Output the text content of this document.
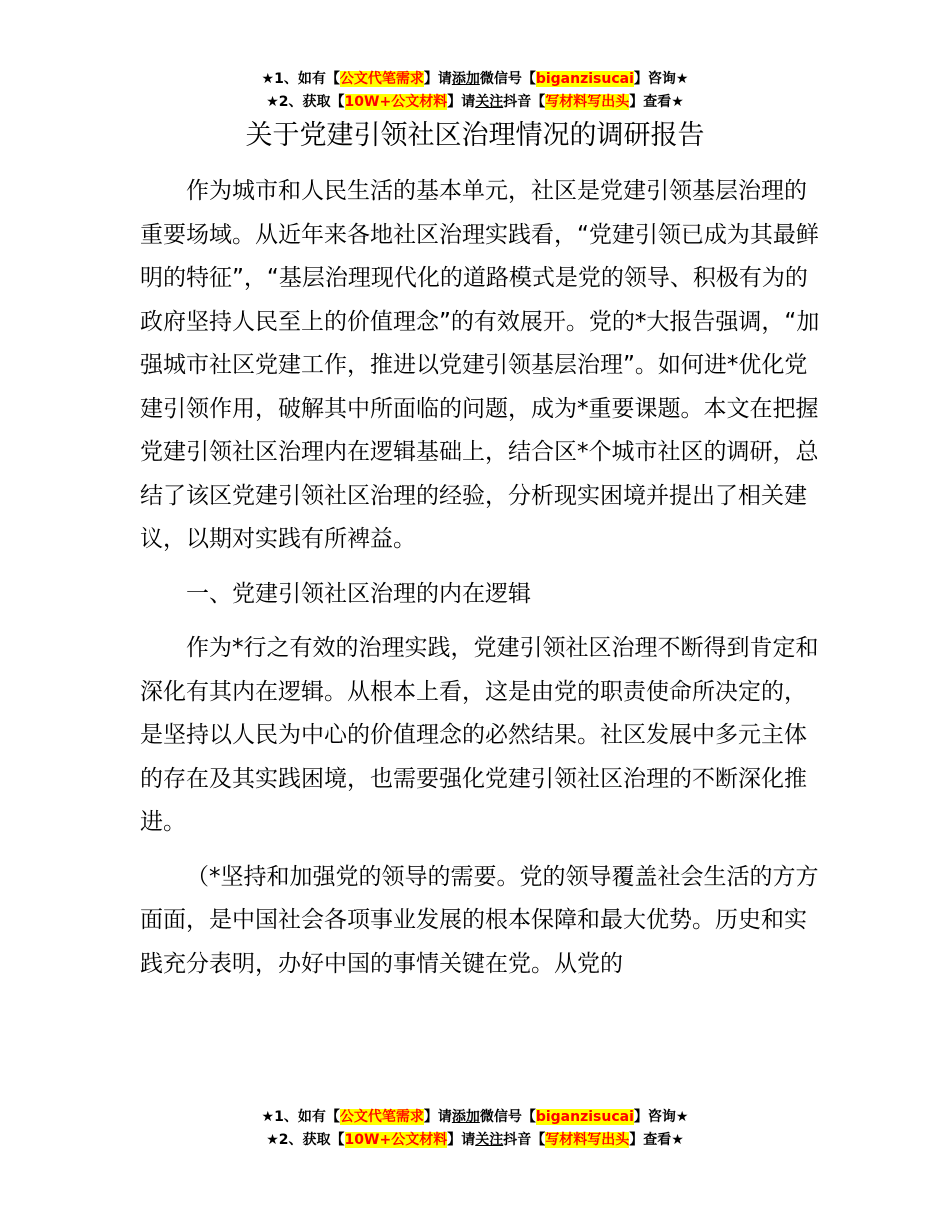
★1、如有【公文代笔需求】请添加微信号【biganzisucai】咨询★
★2、获取【10W+公文材料】请关注抖音【写材料写出头】查看★
关于党建引领社区治理情况的调研报告

作为城市和人民生活的基本单元，社区是党建引领基层治理的重要场域。从近年来各地社区治理实践看，“党建引领已成为其最鲜明的特征”，“基层治理现代化的道路模式是党的领导、积极有为的政府坚持人民至上的价值理念”的有效展开。党的*大报告强调，“加强城市社区党建工作，推进以党建引领基层治理”。如何进*优化党建引领作用，破解其中所面临的问题，成为*重要课题。本文在把握党建引领社区治理内在逻辑基础上，结合区*个城市社区的调研，总结了该区党建引领社区治理的经验，分析现实困境并提出了相关建议，以期对实践有所裨益。

一、党建引领社区治理的内在逻辑

作为*行之有效的治理实践，党建引领社区治理不断得到肯定和深化有其内在逻辑。从根本上看，这是由党的职责使命所决定的，是坚持以人民为中心的价值理念的必然结果。社区发展中多元主体的存在及其实践困境，也需要强化党建引领社区治理的不断深化推进。

（*坚持和加强党的领导的需要。党的领导覆盖社会生活的方方面面，是中国社会各项事业发展的根本保障和最大优势。历史和实践充分表明，办好中国的事情关键在党。从党的

★1、如有【公文代笔需求】请添加微信号【biganzisucai】咨询★
★2、获取【10W+公文材料】请关注抖音【写材料写出头】查看★
